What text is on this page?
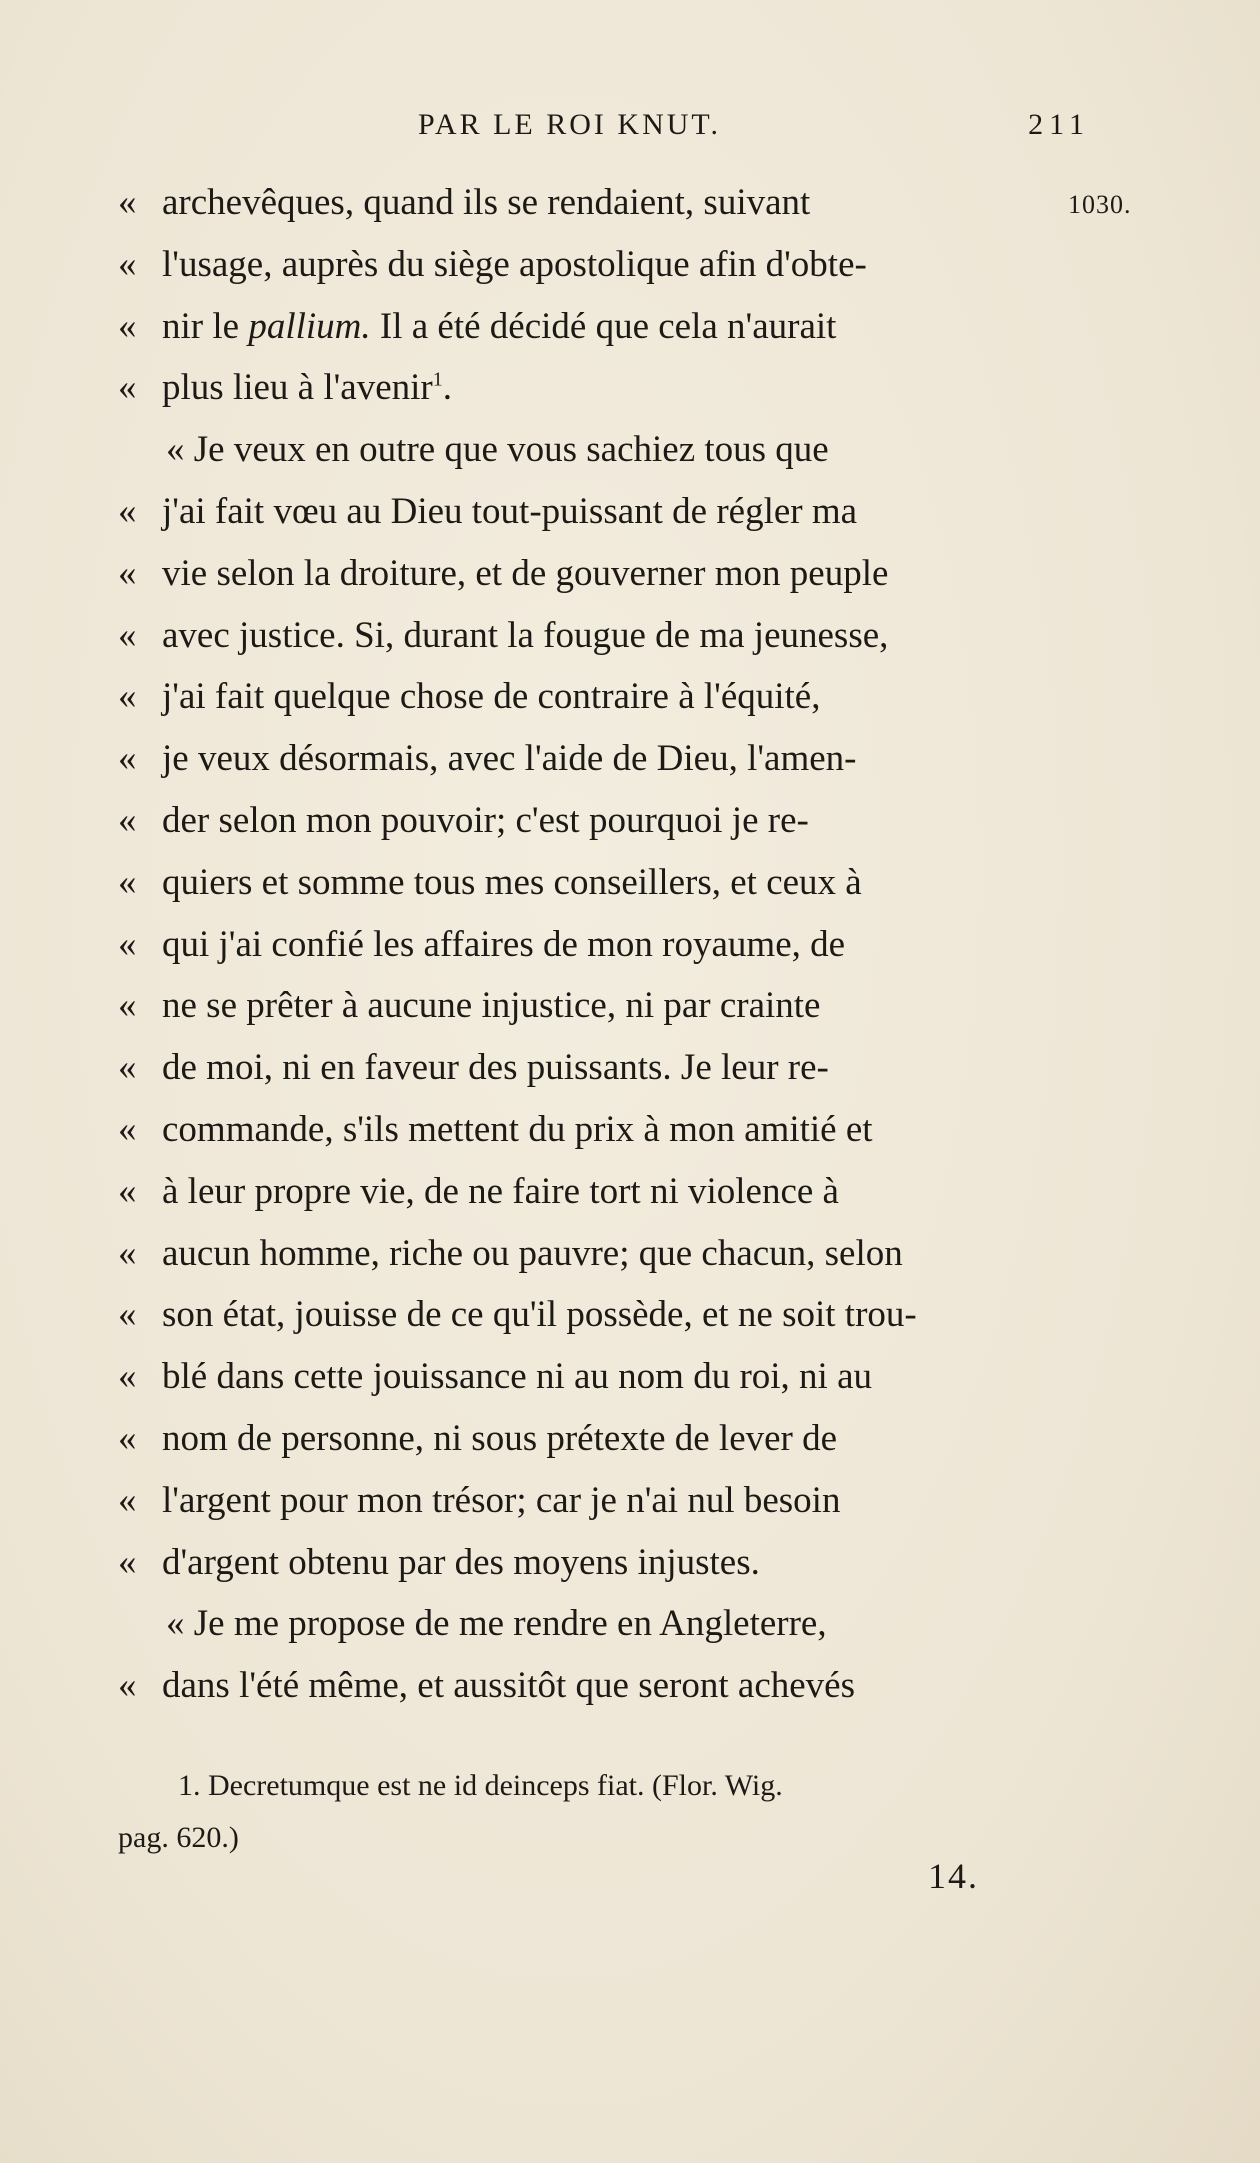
PAR LE ROI KNUT.	211
1030.
« archevêques, quand ils se rendaient, suivant
« l'usage, auprès du siège apostolique afin d'obte-
« nir le pallium. Il a été décidé que cela n'aurait
« plus lieu à l'avenir$^1$.
« Je veux en outre que vous sachiez tous que
« j'ai fait vœu au Dieu tout-puissant de régler ma
« vie selon la droiture, et de gouverner mon peuple
« avec justice. Si, durant la fougue de ma jeunesse,
« j'ai fait quelque chose de contraire à l'équité,
« je veux désormais, avec l'aide de Dieu, l'amen-
« der selon mon pouvoir; c'est pourquoi je re-
« quiers et somme tous mes conseillers, et ceux à
« qui j'ai confié les affaires de mon royaume, de
« ne se prêter à aucune injustice, ni par crainte
« de moi, ni en faveur des puissants. Je leur re-
« commande, s'ils mettent du prix à mon amitié et
« à leur propre vie, de ne faire tort ni violence à
« aucun homme, riche ou pauvre; que chacun, selon
« son état, jouisse de ce qu'il possède, et ne soit trou-
« blé dans cette jouissance ni au nom du roi, ni au
« nom de personne, ni sous prétexte de lever de
« l'argent pour mon trésor; car je n'ai nul besoin
« d'argent obtenu par des moyens injustes.
« Je me propose de me rendre en Angleterre,
« dans l'été même, et aussitôt que seront achevés
1. Decretumque est ne id deinceps fiat. (Flor. Wig.
pag. 620.)
14.
